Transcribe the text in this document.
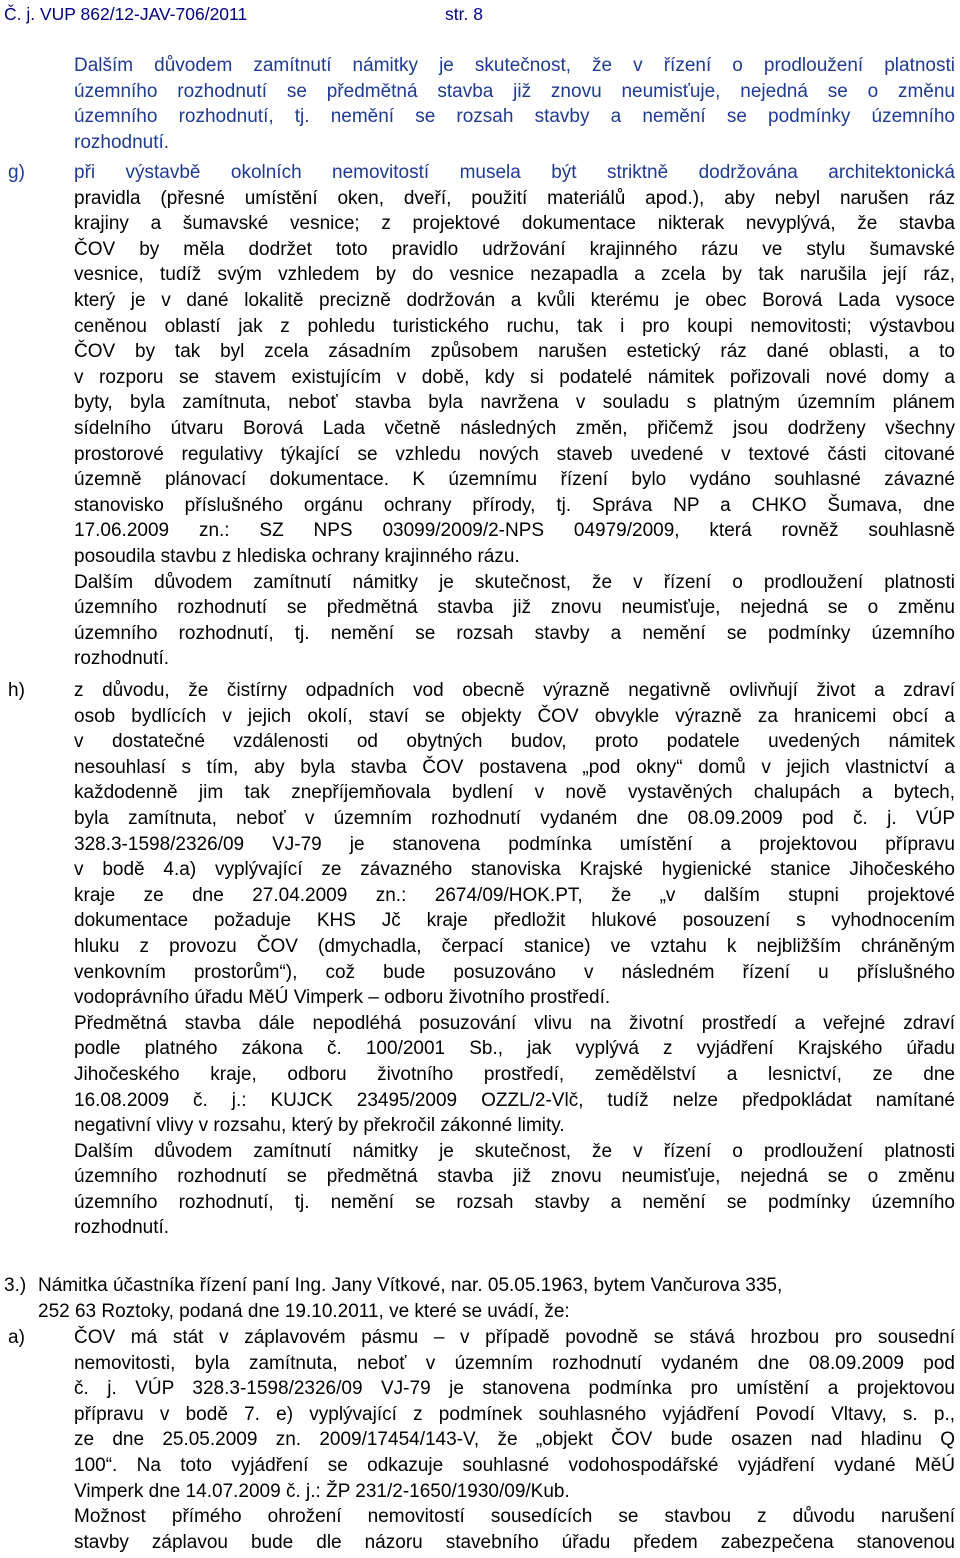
Č. j. VUP 862/12-JAV-706/2011	str. 8
Dalším důvodem zamítnutí námitky je skutečnost, že v řízení o prodloužení platnosti
územního rozhodnutí se předmětná stavba již znovu neumisťuje, nejedná se o změnu
územního rozhodnutí, tj. nemění se rozsah stavby a nemění se podmínky územního
rozhodnutí.
g)	při výstavbě okolních nemovitostí musela být striktně dodržována architektonická
pravidla (přesné umístění oken, dveří, použití materiálů apod.), aby nebyl narušen ráz
krajiny a šumavské vesnice; z projektové dokumentace nikterak nevyplývá, že stavba
ČOV by měla dodržet toto pravidlo udržování krajinného rázu ve stylu šumavské
vesnice, tudíž svým vzhledem by do vesnice nezapadla a zcela by tak narušila její ráz,
který je v dané lokalitě precizně dodržován a kvůli kterému je obec Borová Lada vysoce
ceněnou oblastí jak z pohledu turistického ruchu, tak i pro koupi nemovitosti; výstavbou
ČOV by tak byl zcela zásadním způsobem narušen estetický ráz dané oblasti, a to
v rozporu se stavem existujícím v době, kdy si podatelé námitek pořizovali nové domy a
byty, byla zamítnuta, neboť stavba byla navržena v souladu s platným územním plánem
sídelního útvaru Borová Lada včetně následných změn, přičemž jsou dodrženy všechny
prostorové regulativy týkající se vzhledu nových staveb uvedené v textové části citované
územně plánovací dokumentace. K územnímu řízení bylo vydáno souhlasné závazné
stanovisko příslušného orgánu ochrany přírody, tj. Správa NP a CHKO Šumava, dne
17.06.2009 zn.: SZ NPS 03099/2009/2-NPS 04979/2009, která rovněž souhlasně
posoudila stavbu z hlediska ochrany krajinného rázu.
Dalším důvodem zamítnutí námitky je skutečnost, že v řízení o prodloužení platnosti
územního rozhodnutí se předmětná stavba již znovu neumisťuje, nejedná se o změnu
územního rozhodnutí, tj. nemění se rozsah stavby a nemění se podmínky územního
rozhodnutí.
h)	z důvodu, že čistírny odpadních vod obecně výrazně negativně ovlivňují život a zdraví
osob bydlících v jejich okolí, staví se objekty ČOV obvykle výrazně za hranicemi obcí a
v dostatečné vzdálenosti od obytných budov, proto podatele uvedených námitek
nesouhlasí s tím, aby byla stavba ČOV postavena „pod okny“ domů v jejich vlastnictví a
každodenně jim tak znepříjemňovala bydlení v nově vystavěných chalupách a bytech,
byla zamítnuta, neboť v územním rozhodnutí vydaném dne 08.09.2009 pod č. j. VÚP
328.3-1598/2326/09 VJ-79 je stanovena podmínka umístění a projektovou přípravu
v bodě 4.a) vyplývající ze závazného stanoviska Krajské hygienické stanice Jihočeského
kraje ze dne 27.04.2009 zn.: 2674/09/HOK.PT, že „v dalším stupni projektové
dokumentace požaduje KHS Jč kraje předložit hlukové posouzení s vyhodnocením
hluku z provozu ČOV (dmychadla, čerpací stanice) ve vztahu k nejbližším chráněným
venkovním prostorům“), což bude posuzováno v následném řízení u příslušného
vodoprávního úřadu MěÚ Vimperk – odboru životního prostředí.
Předmětná stavba dále nepodléhá posuzování vlivu na životní prostředí a veřejné zdraví
podle platného zákona č. 100/2001 Sb., jak vyplývá z vyjádření Krajského úřadu
Jihočeského kraje, odboru životního prostředí, zemědělství a lesnictví, ze dne
16.08.2009 č. j.: KUJCK 23495/2009 OZZL/2-Vlč, tudíž nelze předpokládat namítané
negativní vlivy v rozsahu, který by překročil zákonné limity.
Dalším důvodem zamítnutí námitky je skutečnost, že v řízení o prodloužení platnosti
územního rozhodnutí se předmětná stavba již znovu neumisťuje, nejedná se o změnu
územního rozhodnutí, tj. nemění se rozsah stavby a nemění se podmínky územního
rozhodnutí.
3.) Námitka účastníka řízení paní Ing. Jany Vítkové, nar. 05.05.1963, bytem Vančurova 335,
252 63 Roztoky, podaná dne 19.10.2011, ve které se uvádí, že:
a)	ČOV má stát v záplavovém pásmu – v případě povodně se stává hrozbou pro sousední
nemovitosti, byla zamítnuta, neboť v územním rozhodnutí vydaném dne 08.09.2009 pod
č. j. VÚP 328.3-1598/2326/09 VJ-79 je stanovena podmínka pro umístění a projektovou
přípravu v bodě 7. e) vyplývající z podmínek souhlasného vyjádření Povodí Vltavy, s. p.,
ze dne 25.05.2009 zn. 2009/17454/143-V, že „objekt ČOV bude osazen nad hladinu Q
100“. Na toto vyjádření se odkazuje souhlasné vodohospodářské vyjádření vydané MěÚ
Vimperk dne 14.07.2009 č. j.: ŽP 231/2-1650/1930/09/Kub.
Možnost přímého ohrožení nemovitostí sousedících se stavbou z důvodu narušení
stavby záplavou bude dle názoru stavebního úřadu předem zabezpečena stanovenou
